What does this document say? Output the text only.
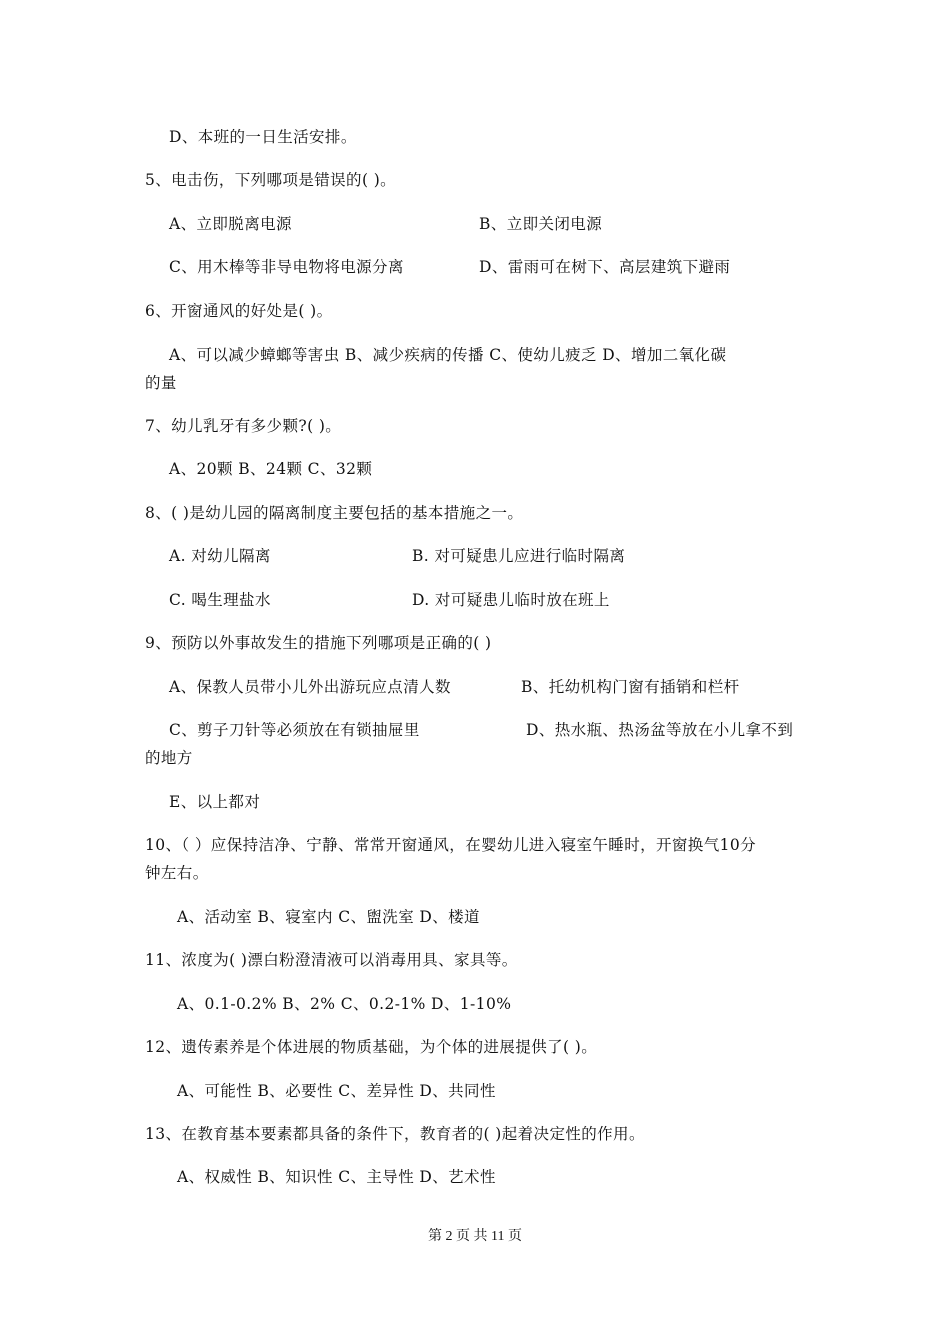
D、本班的一日生活安排。
5、电击伤，下列哪项是错误的( )。
A、立即脱离电源	B、立即关闭电源
C、用木棒等非导电物将电源分离	D、雷雨可在树下、高层建筑下避雨
6、开窗通风的好处是( )。
A、可以减少蟑螂等害虫 B、减少疾病的传播 C、使幼儿疲乏 D、增加二氧化碳
的量
7、幼儿乳牙有多少颗?( )。
A、20颗 B、24颗 C、32颗
8、( )是幼儿园的隔离制度主要包括的基本措施之一。
A. 对幼儿隔离	B. 对可疑患儿应进行临时隔离
C. 喝生理盐水	D. 对可疑患儿临时放在班上
9、预防以外事故发生的措施下列哪项是正确的( )
A、保教人员带小儿外出游玩应点清人数	B、托幼机构门窗有插销和栏杆
C、剪子刀针等必须放在有锁抽屉里	D、热水瓶、热汤盆等放在小儿拿不到
的地方
E、以上都对
10、（ ）应保持洁净、宁静、常常开窗通风，在婴幼儿进入寝室午睡时，开窗换气10分
钟左右。
A、活动室 B、寝室内 C、盥洗室 D、楼道
11、浓度为( )漂白粉澄清液可以消毒用具、家具等。
A、0.1-0.2% B、2% C、0.2-1% D、1-10%
12、遗传素养是个体进展的物质基础，为个体的进展提供了( )。
A、可能性 B、必要性 C、差异性 D、共同性
13、在教育基本要素都具备的条件下，教育者的( )起着决定性的作用。
A、权威性 B、知识性 C、主导性 D、艺术性
第 2 页 共 11 页
